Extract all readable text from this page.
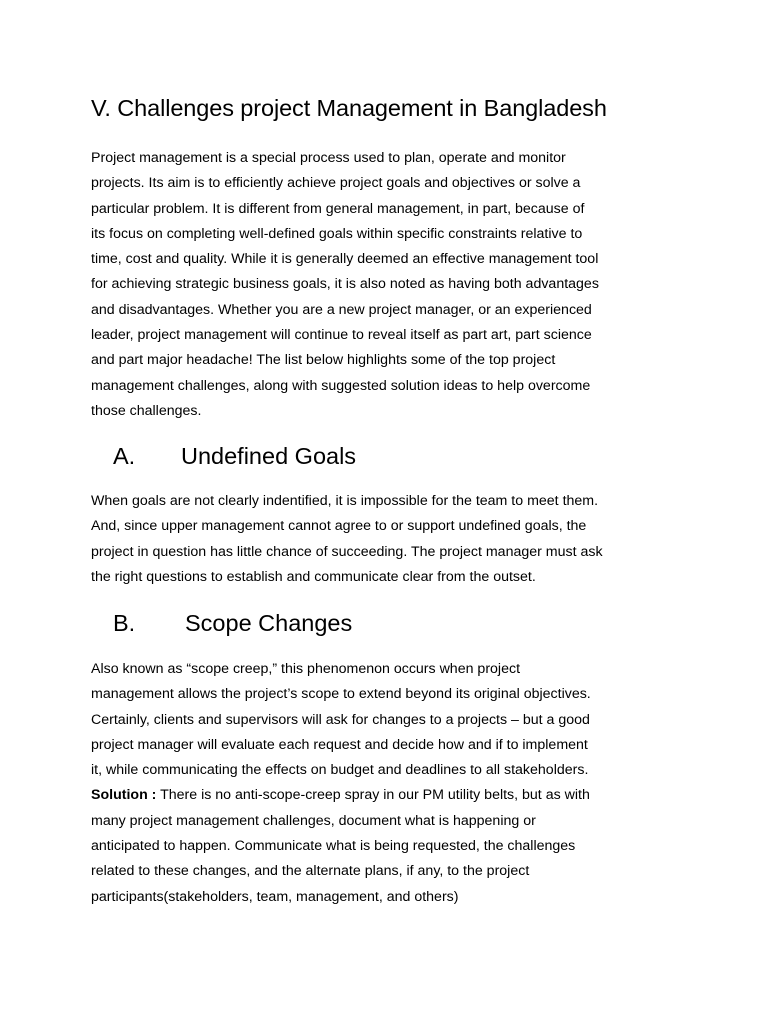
V. Challenges project Management in Bangladesh

Project management is a special process used to plan, operate and monitor
projects. Its aim is to efficiently achieve project goals and objectives or solve a
particular problem. It is different from general management, in part, because of
its focus on completing well-defined goals within specific constraints relative to
time, cost and quality. While it is generally deemed an effective management tool
for achieving strategic business goals, it is also noted as having both advantages
and disadvantages. Whether you are a new project manager, or an experienced
leader, project management will continue to reveal itself as part art, part science
and part major headache! The list below highlights some of the top project
management challenges, along with suggested solution ideas to help overcome
those challenges.

A. Undefined Goals

When goals are not clearly indentified, it is impossible for the team to meet them.
And, since upper management cannot agree to or support undefined goals, the
project in question has little chance of succeeding. The project manager must ask
the right questions to establish and communicate clear from the outset.

B. Scope Changes

Also known as “scope creep,” this phenomenon occurs when project
management allows the project’s scope to extend beyond its original objectives.
Certainly, clients and supervisors will ask for changes to a projects – but a good
project manager will evaluate each request and decide how and if to implement
it, while communicating the effects on budget and deadlines to all stakeholders.
Solution : There is no anti-scope-creep spray in our PM utility belts, but as with
many project management challenges, document what is happening or
anticipated to happen. Communicate what is being requested, the challenges
related to these changes, and the alternate plans, if any, to the project
participants(stakeholders, team, management, and others)
